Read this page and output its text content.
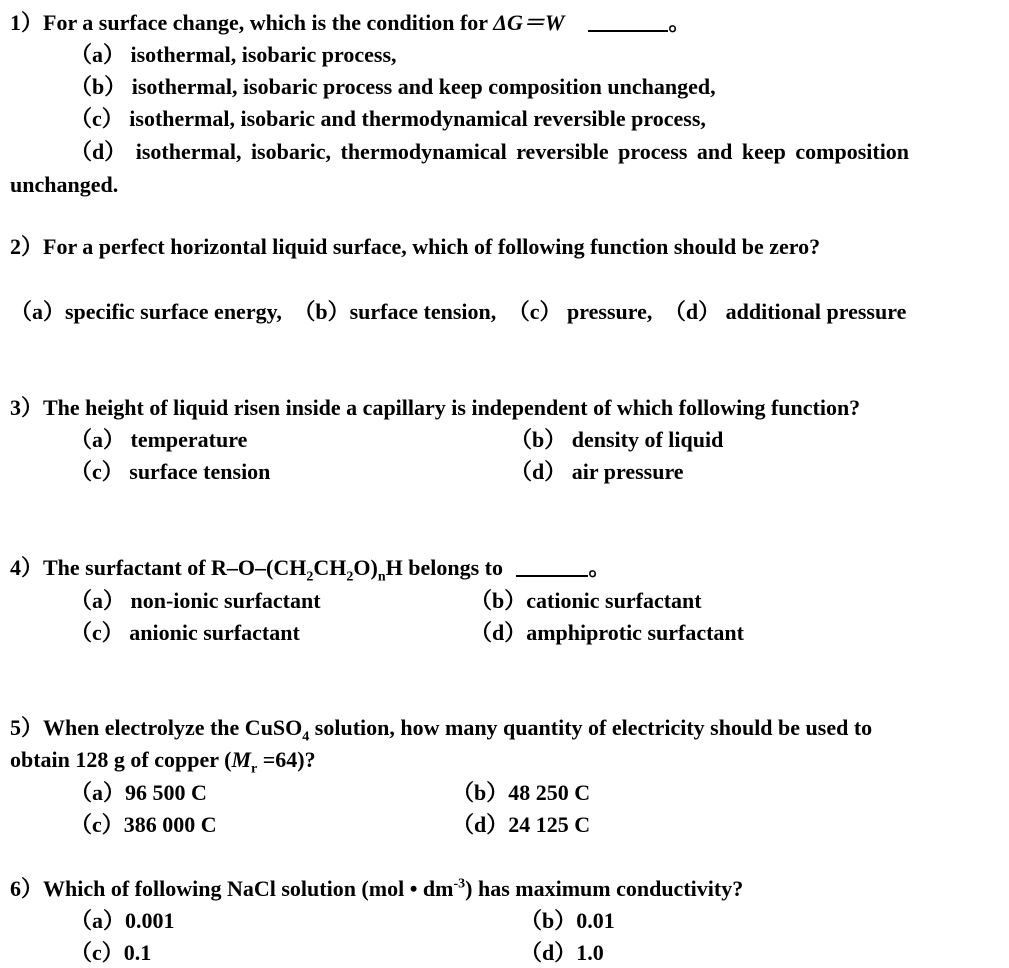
1）For a surface change, which is the condition for ΔG＝W	。
（a） isothermal, isobaric process,
（b） isothermal, isobaric process and keep composition unchanged,
（c） isothermal, isobaric and thermodynamical reversible process,
（d） isothermal, isobaric, thermodynamical reversible process and keep composition
unchanged.
2）For a perfect horizontal liquid surface, which of following function should be zero?
（a）specific surface energy, （b）surface tension, （c） pressure, （d） additional pressure
3）The height of liquid risen inside a capillary is independent of which following function?
（a） temperature	（b） density of liquid
（c） surface tension	（d） air pressure
4）The surfactant of $R-O-(CH_2CH_2O)_nH$ belongs to	。
（a） non-ionic surfactant	（b）cationic surfactant
（c） anionic surfactant	（d）amphiprotic surfactant
5）When electrolyze the CuSO$_4$ solution, how many quantity of electricity should be used to
obtain 128 g of copper $(M_r =64)$?
（a）96 500 C	（b）48 250 C
（c）386 000 C	（d）24 125 C
6）Which of following NaCl solution (mol • $dm^{-3}$) has maximum conductivity?
（a）0.001	（b）0.01
（c）0.1	（d）1.0
